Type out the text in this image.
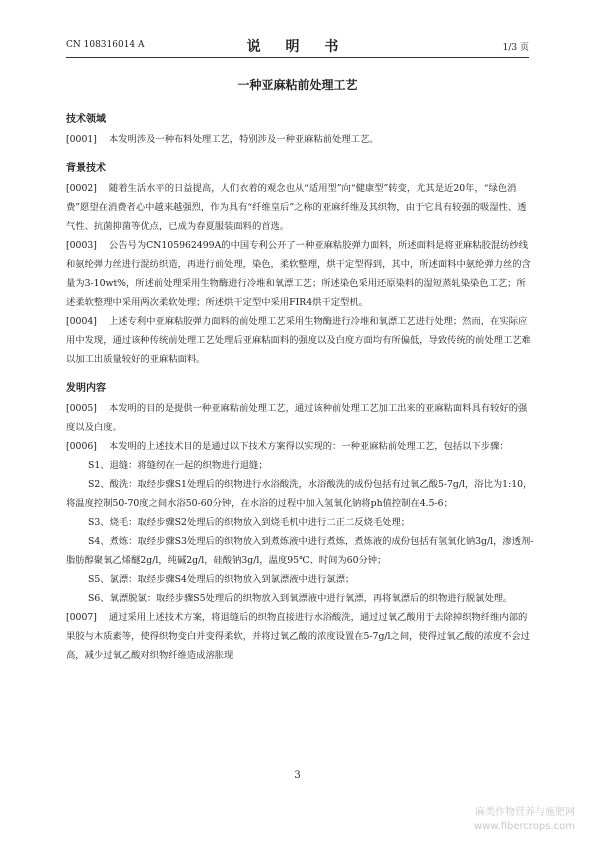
CN 108316014 A	说 明 书	1/3 页
一种亚麻粘前处理工艺
技术领域
[0001] 本发明涉及一种布料处理工艺，特别涉及一种亚麻粘前处理工艺。
背景技术
[0002] 随着生活水平的日益提高，人们衣着的观念也从“适用型”向“健康型”转变，尤其是近20年，“绿色消费”愿望在消费者心中越来越强烈，作为具有“纤维皇后”之称的亚麻纤维及其织物，由于它具有较强的吸湿性、透气性、抗菌抑菌等优点，已成为春夏服装面料的首选。
[0003] 公告号为CN105962499A的中国专利公开了一种亚麻粘胶弹力面料，所述面料是将亚麻粘胶混纺纱线和氨纶弹力丝进行混纺织造，再进行前处理，染色，柔软整理，烘干定型得到，其中，所述面料中氨纶弹力丝的含量为3-10wt%，所述前处理采用生物酶进行冷堆和氧漂工艺；所述染色采用还原染料的湿短蒸轧染染色工艺；所述柔软整理中采用两次柔软处理；所述烘干定型中采用FIR4烘干定型机。
[0004] 上述专利中亚麻粘胶弹力面料的前处理工艺采用生物酶进行冷堆和氧漂工艺进行处理；然而，在实际应用中发现，通过该种传统前处理工艺处理后亚麻粘面料的强度以及白度方面均有所偏低，导致传统的前处理工艺难以加工出质量较好的亚麻粘面料。
发明内容
[0005] 本发明的目的是提供一种亚麻粘前处理工艺，通过该种前处理工艺加工出来的亚麻粘面料具有较好的强度以及白度。
[0006] 本发明的上述技术目的是通过以下技术方案得以实现的：一种亚麻粘前处理工艺，包括以下步骤：
S1、退缝：将缝纫在一起的织物进行退缝；
S2、酸洗：取经步骤S1处理后的织物进行水浴酸洗，水浴酸洗的成份包括有过氧乙酸5-7g/l，浴比为1:10，将温度控制50-70度之间水浴50-60分钟，在水浴的过程中加入氢氧化钠将ph值控制在4.5-6；
S3、烧毛：取经步骤S2处理后的织物放入到烧毛机中进行二正二反烧毛处理；
S4、煮炼：取经步骤S3处理后的织物放入到煮炼液中进行煮炼，煮炼液的成份包括有氢氧化钠3g/l，渗透剂-脂肪醇聚氧乙烯醚2g/l，纯碱2g/l，硅酸钠3g/l，温度95℃、时间为60分钟；
S5、氯漂：取经步骤S4处理后的织物放入到氯漂液中进行氯漂；
S6、氧漂脱氯：取经步骤S5处理后的织物放入到氧漂液中进行氧漂，再将氧漂后的织物进行脱氯处理。
[0007] 通过采用上述技术方案，将退缝后的织物直接进行水浴酸洗，通过过氧乙酸用于去除掉织物纤维内部的果胶与木质素等，使得织物变白并变得柔软，并将过氧乙酸的浓度设置在5-7g/l之间，使得过氧乙酸的浓度不会过高，减少过氧乙酸对织物纤维造成溶胀现
3
麻类作物营养与施肥网
www.fibercrops.com
